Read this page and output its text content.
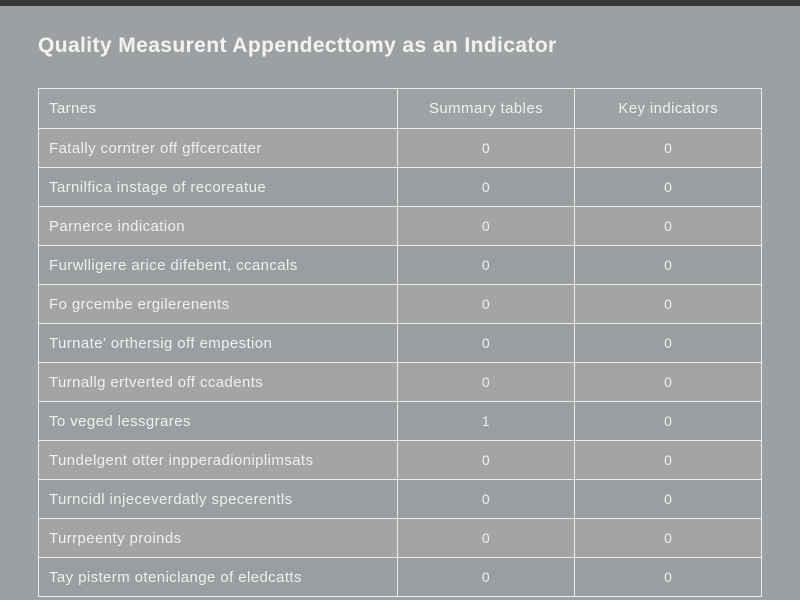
Quality Measurent Appendecttomy as an Indicator
Tarnes	Summary tables	Key indicators
Fatally corntrer off gffcercatter	0	0
Tarnilfica instage of recoreatue	0	0
Parnerce indication	0	0
Furwlligere arice difebent, ccancals	0	0
Fo grcembe ergilerenents	0	0
Turnate' orthersig off empestion	0	0
Turnallg ertverted off ccadents	0	0
To veged lessgrares	1	0
Tundelgent otter inpperadioniplimsats	0	0
Turncidl injeceverdatly specerentls	0	0
Turrpeenty proinds	0	0
Tay pisterm oteniclange of eledcatts	0	0
